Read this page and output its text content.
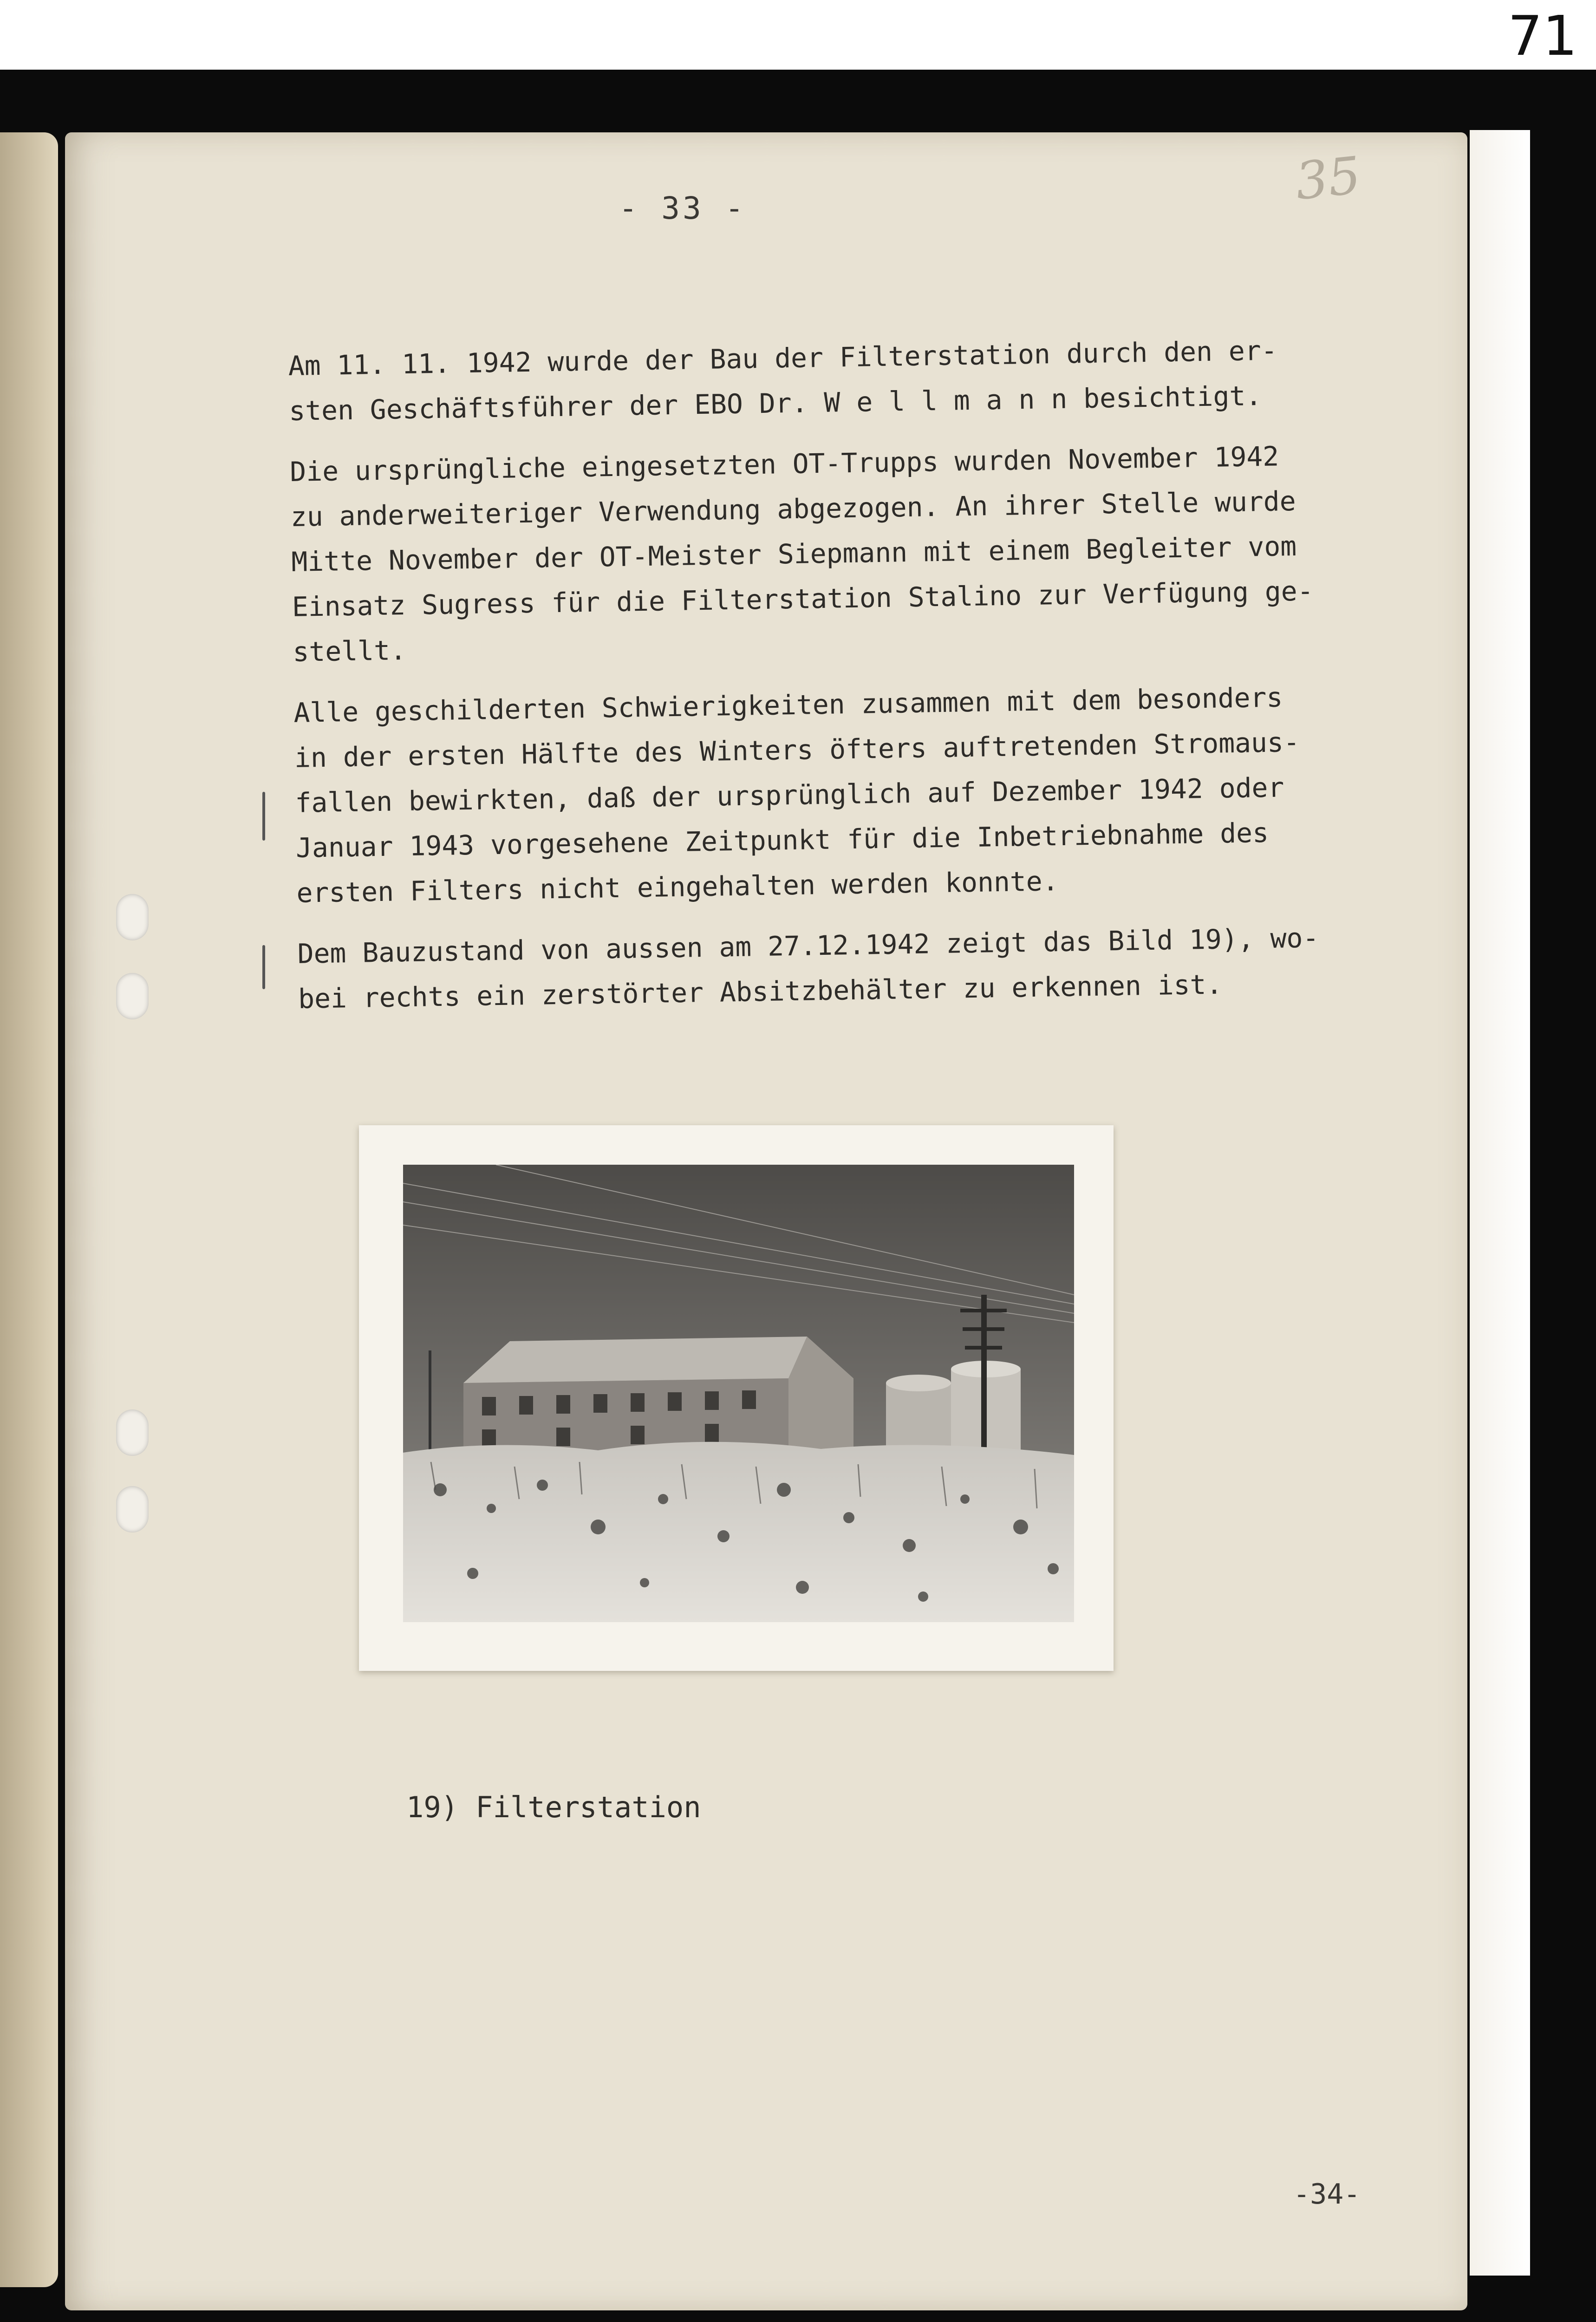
71
- 33 -	35

Am 11. 11. 1942 wurde der Bau der Filterstation durch den er-
sten Geschäftsführer der EBO Dr. W e l l m a n n besichtigt.

Die ursprüngliche eingesetzten OT-Trupps wurden November 1942
zu anderweiteriger Verwendung abgezogen. An ihrer Stelle wurde
Mitte November der OT-Meister Siepmann mit einem Begleiter vom
Einsatz Sugress für die Filterstation Stalino zur Verfügung ge-
stellt.

Alle geschilderten Schwierigkeiten zusammen mit dem besonders
in der ersten Hälfte des Winters öfters auftretenden Stromaus-
fallen bewirkten, daß der ursprünglich auf Dezember 1942 oder
Januar 1943 vorgesehene Zeitpunkt für die Inbetriebnahme des
ersten Filters nicht eingehalten werden konnte.

Dem Bauzustand von aussen am 27.12.1942 zeigt das Bild 19), wo-
bei rechts ein zerstörter Absitzbehälter zu erkennen ist.

19) Filterstation
-34-
